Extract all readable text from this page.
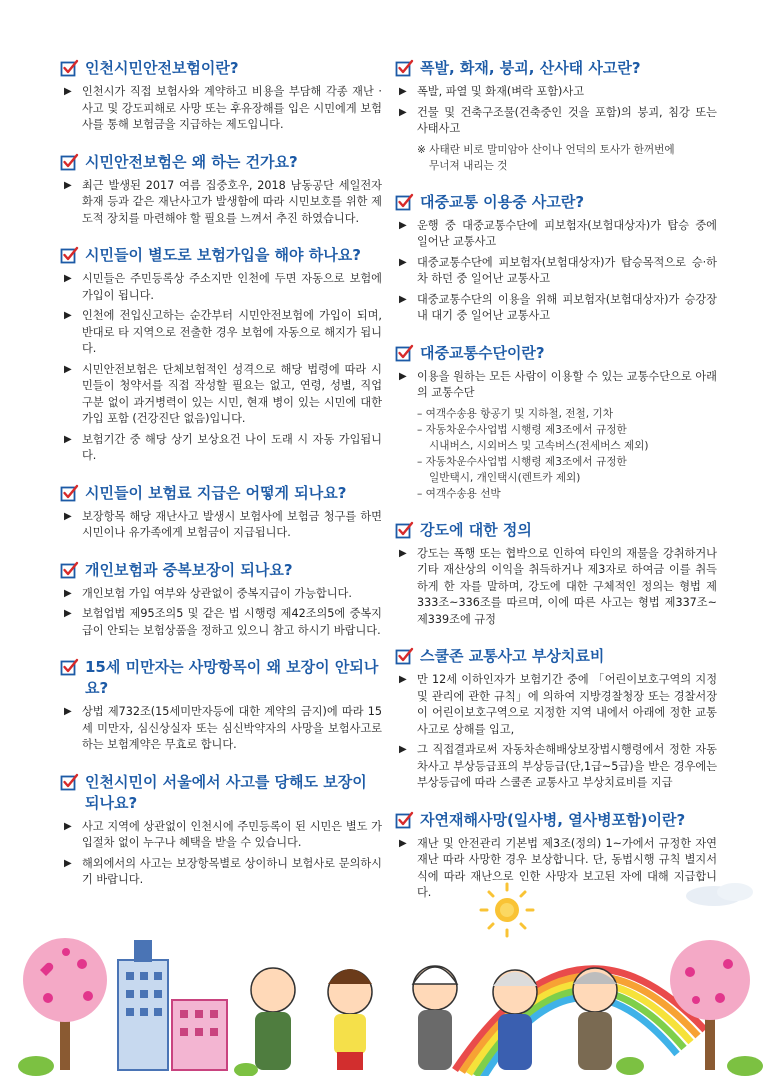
인천시민안전보험이란?
▶ 인천시가 직접 보험사와 계약하고 비용을 부담해 각종 재난 · 사고 및 강도피해로 사망 또는 후유장해를 입은 시민에게 보험사를 통해 보험금을 지급하는 제도입니다.
시민안전보험은 왜 하는 건가요?
▶ 최근 발생된 2017 여름 집중호우, 2018 남동공단 세일전자 화재 등과 같은 재난사고가 발생함에 따라 시민보호를 위한 제도적 장치를 마련해야 할 필요를 느껴서 추진 하였습니다.
시민들이 별도로 보험가입을 해야 하나요?
▶ 시민들은 주민등록상 주소지만 인천에 두면 자동으로 보험에 가입이 됩니다.
▶ 인천에 전입신고하는 순간부터 시민안전보험에 가입이 되며, 반대로 타 지역으로 전출한 경우 보험에 자동으로 해지가 됩니다.
▶ 시민안전보험은 단체보험적인 성격으로 해당 법령에 따라 시민들이 청약서를 직접 작성할 필요는 없고, 연령, 성별, 직업 구분 없이 과거병력이 있는 시민, 현재 병이 있는 시민에 대한 가입 포함 (건강진단 없음)입니다.
▶ 보험기간 중 해당 상기 보상요건 나이 도래 시 자동 가입됩니다.
시민들이 보험료 지급은 어떻게 되나요?
▶ 보장항목 해당 재난사고 발생시 보험사에 보험금 청구를 하면 시민이나 유가족에게 보험금이 지급됩니다.
개인보험과 중복보장이 되나요?
▶ 개인보험 가입 여부와 상관없이 중복지급이 가능합니다.
▶ 보험업법 제95조의5 및 같은 법 시행령 제42조의5에 중복지급이 안되는 보험상품을 정하고 있으니 참고 하시기 바랍니다.
15세 미만자는 사망항목이 왜 보장이 안되나요?
▶ 상법 제732조(15세미만자등에 대한 계약의 금지)에 따라 15세 미만자, 심신상실자 또는 심신박약자의 사망을 보험사고로 하는 보험계약은 무효로 합니다.
인천시민이 서울에서 사고를 당해도 보장이 되나요?
▶ 사고 지역에 상관없이 인천시에 주민등록이 된 시민은 별도 가입절차 없이 누구나 혜택을 받을 수 있습니다.
▶ 해외에서의 사고는 보장항목별로 상이하니 보험사로 문의하시기 바랍니다.
폭발, 화재, 붕괴, 산사태 사고란?
▶ 폭발, 파열 및 화재(벼락 포함)사고
▶ 건물 및 건축구조물(건축중인 것을 포함)의 붕괴, 침강 또는 사태사고
※ 사태란 비로 말미암아 산이나 언덕의 토사가 한꺼번에
무너져 내리는 것
대중교통 이용중 사고란?
▶ 운행 중 대중교통수단에 피보험자(보험대상자)가 탑승 중에 일어난 교통사고
▶ 대중교통수단에 피보험자(보험대상자)가 탑승목적으로 승·하차 하던 중 일어난 교통사고
▶ 대중교통수단의 이용을 위해 피보험자(보험대상자)가 승강장내 대기 중 일어난 교통사고
대중교통수단이란?
▶ 이용을 원하는 모든 사람이 이용할 수 있는 교통수단으로 아래의 교통수단
– 여객수송용 항공기 및 지하철, 전철, 기차
– 자동차운수사업법 시행령 제3조에서 규정한
시내버스, 시외버스 및 고속버스(전세버스 제외)
– 자동차운수사업법 시행령 제3조에서 규정한
일반택시, 개인택시(렌트카 제외)
– 여객수송용 선박
강도에 대한 정의
▶ 강도는 폭행 또는 협박으로 인하여 타인의 재물을 강취하거나 기타 재산상의 이익을 취득하거나 제3자로 하여금 이를 취득하게 한 자를 말하며, 강도에 대한 구체적인 정의는 형법 제333조~336조를 따르며, 이에 따른 사고는 형법 제337조~제339조에 규정
스쿨존 교통사고 부상치료비
▶ 만 12세 이하인자가 보험기간 중에 「어린이보호구역의 지정및 관리에 관한 규칙」에 의하여 지방경찰청장 또는 경찰서장이 어린이보호구역으로 지정한 지역 내에서 아래에 정한 교통사고로 상해를 입고,
▶ 그 직접결과로써 자동차손해배상보장법시행령에서 정한 자동차사고 부상등급표의 부상등급(단,1급~5급)을 받은 경우에는 부상등급에 따라 스쿨존 교통사고 부상치료비를 지급
자연재해사망(일사병, 열사병포함)이란?
▶ 재난 및 안전관리 기본법 제3조(정의) 1~가에서 규정한 자연재난 따라 사망한 경우 보상합니다. 단, 동법시행 규칙 별지서식에 따라 재난으로 인한 사망자 보고된 자에 대해 지급합니다.
